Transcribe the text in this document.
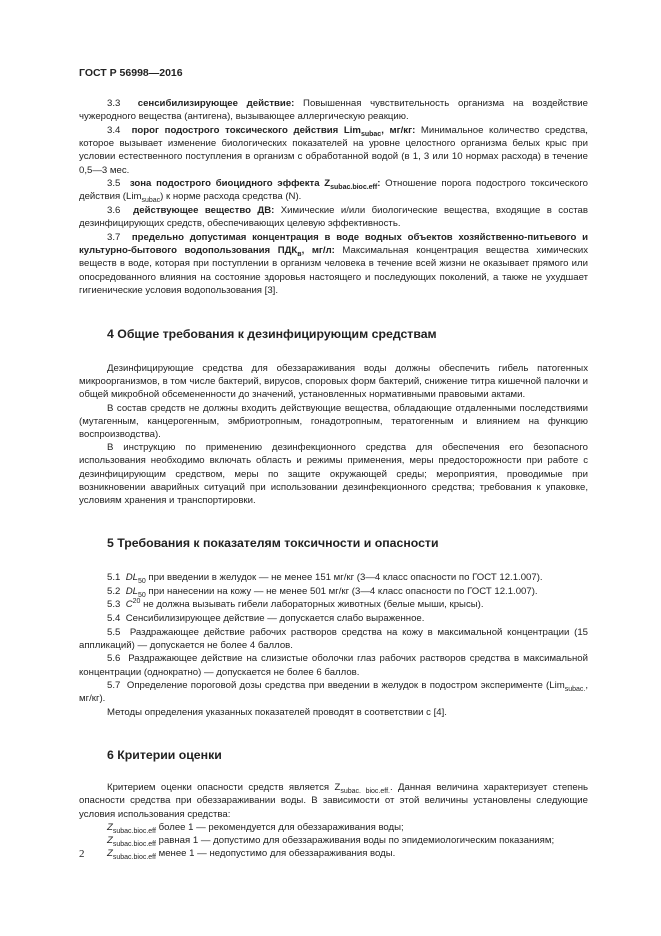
ГОСТ Р 56998—2016

3.3 сенсибилизирующее действие: Повышенная чувствительность организма на воздействие чужеродного вещества (антигена), вызывающее аллергическую реакцию.

3.4 порог подострого токсического действия Lim$_{subac}$, мг/кг: Минимальное количество средства, которое вызывает изменение биологических показателей на уровне целостного организма белых крыс при условии естественного поступления в организм с обработанной водой (в 1, 3 или 10 нормах расхода) в течение 0,5—3 мес.

3.5 зона подострого биоцидного эффекта $Z_{subac.bioc.eff}$: Отношение порога подострого токсического действия (Lim$_{subac}$) к норме расхода средства (N).

3.6 действующее вещество ДВ: Химические и/или биологические вещества, входящие в состав дезинфицирующих средств, обеспечивающих целевую эффективность.

3.7 предельно допустимая концентрация в воде водных объектов хозяйственно-питьевого и культурно-бытового водопользования $ПДК_в$, мг/л: Максимальная концентрация вещества химических веществ в воде, которая при поступлении в организм человека в течение всей жизни не оказывает прямого или опосредованного влияния на состояние здоровья настоящего и последующих поколений, а также не ухудшает гигиенические условия водопользования [3].

4 Общие требования к дезинфицирующим средствам

Дезинфицирующие средства для обеззараживания воды должны обеспечить гибель патогенных микроорганизмов, в том числе бактерий, вирусов, споровых форм бактерий, снижение титра кишечной палочки и общей микробной обсемененности до значений, установленных нормативными правовыми актами.

В состав средств не должны входить действующие вещества, обладающие отдаленными последствиями (мутагенным, канцерогенным, эмбриотропным, гонадотропным, тератогенным и влиянием на функцию воспроизводства).

В инструкцию по применению дезинфекционного средства для обеспечения его безопасного использования необходимо включать область и режимы применения, меры предосторожности при работе с дезинфицирующим средством, меры по защите окружающей среды; мероприятия, проводимые при возникновении аварийных ситуаций при использовании дезинфекционного средства; требования к упаковке, условиям хранения и транспортировки.

5 Требования к показателям токсичности и опасности

5.1 $DL_{50}$ при введении в желудок — не менее 151 мг/кг (3—4 класс опасности по ГОСТ 12.1.007).

5.2 $DL_{50}$ при нанесении на кожу — не менее 501 мг/кг (3—4 класс опасности по ГОСТ 12.1.007).

5.3 $C^{20}$ не должна вызывать гибели лабораторных животных (белые мыши, крысы).

5.4 Сенсибилизирующее действие — допускается слабо выраженное.

5.5 Раздражающее действие рабочих растворов средства на кожу в максимальной концентрации (15 аппликаций) — допускается не более 4 баллов.

5.6 Раздражающее действие на слизистые оболочки глаз рабочих растворов средства в максимальной концентрации (однократно) — допускается не более 6 баллов.

5.7 Определение пороговой дозы средства при введении в желудок в подостром эксперименте (Lim$_{subac.}$, мг/кг).

Методы определения указанных показателей проводят в соответствии с [4].

6 Критерии оценки

Критерием оценки опасности средств является $Z_{subac. bioc.eff.}$. Данная величина характеризует степень опасности средства при обеззараживании воды. В зависимости от этой величины установлены следующие условия использования средства:

$Z_{subac.bioc.eff}$ более 1 — рекомендуется для обеззараживания воды;

$Z_{subac.bioc.eff}$ равная 1 — допустимо для обеззараживания воды по эпидемиологическим показаниям;

$Z_{subac.bioc.eff}$ менее 1 — недопустимо для обеззараживания воды.

2
